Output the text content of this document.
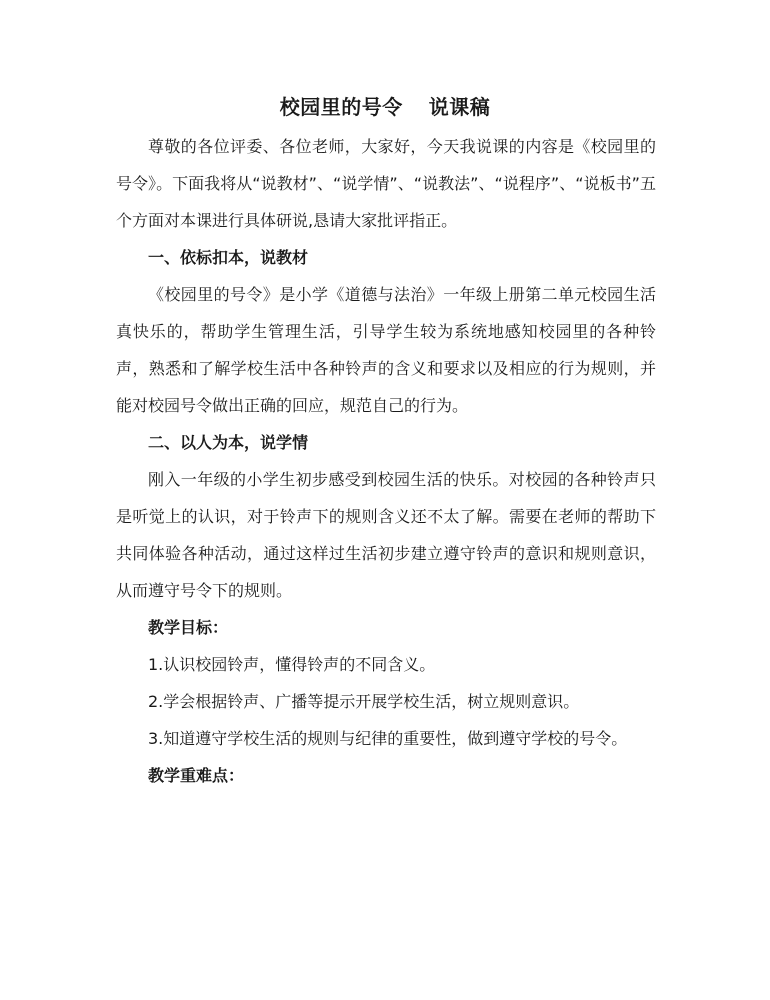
校园里的号令 说课稿

尊敬的各位评委、各位老师，大家好，今天我说课的内容是《校园里的号令》。下面我将从“说教材”、“说学情”、“说教法”、“说程序”、“说板书”五个方面对本课进行具体研说,恳请大家批评指正。

一、依标扣本，说教材

《校园里的号令》是小学《道德与法治》一年级上册第二单元校园生活真快乐的，帮助学生管理生活，引导学生较为系统地感知校园里的各种铃声，熟悉和了解学校生活中各种铃声的含义和要求以及相应的行为规则，并能对校园号令做出正确的回应，规范自己的行为。

二、以人为本，说学情

刚入一年级的小学生初步感受到校园生活的快乐。对校园的各种铃声只是听觉上的认识，对于铃声下的规则含义还不太了解。需要在老师的帮助下共同体验各种活动，通过这样过生活初步建立遵守铃声的意识和规则意识，从而遵守号令下的规则。

教学目标：

1.认识校园铃声，懂得铃声的不同含义。

2.学会根据铃声、广播等提示开展学校生活，树立规则意识。

3.知道遵守学校生活的规则与纪律的重要性，做到遵守学校的号令。

教学重难点：
